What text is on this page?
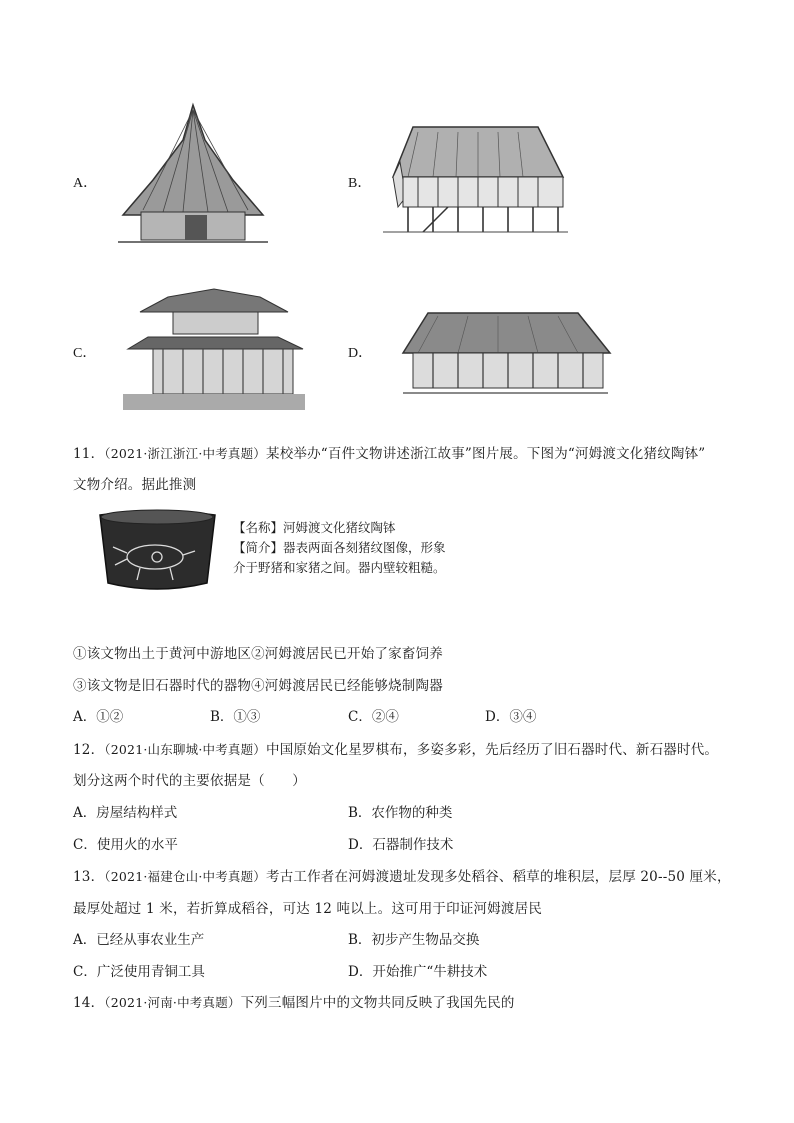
A．	B．
C．	D．
11．（2021·浙江浙江·中考真题）某校举办“百件文物讲述浙江故事”图片展。下图为“河姆渡文化猪纹陶钵”
文物介绍。据此推测
【名称】河姆渡文化猪纹陶钵
【简介】器表两面各刻猪纹图像，形象
介于野猪和家猪之间。器内壁较粗糙。
①该文物出土于黄河中游地区②河姆渡居民已开始了家畜饲养
③该文物是旧石器时代的器物④河姆渡居民已经能够烧制陶器
A．①②	B．①③	C．②④	D．③④
12．（2021·山东聊城·中考真题）中国原始文化星罗棋布，多姿多彩，先后经历了旧石器时代、新石器时代。
划分这两个时代的主要依据是（　　）
A．房屋结构样式	B．农作物的种类
C．使用火的水平	D．石器制作技术
13．（2021·福建仓山·中考真题）考古工作者在河姆渡遗址发现多处稻谷、稻草的堆积层，层厚 20--50 厘米，
最厚处超过 1 米，若折算成稻谷，可达 12 吨以上。这可用于印证河姆渡居民
A．已经从事农业生产	B．初步产生物品交换
C．广泛使用青铜工具	D．开始推广“牛耕技术
14．（2021·河南·中考真题）下列三幅图片中的文物共同反映了我国先民的
